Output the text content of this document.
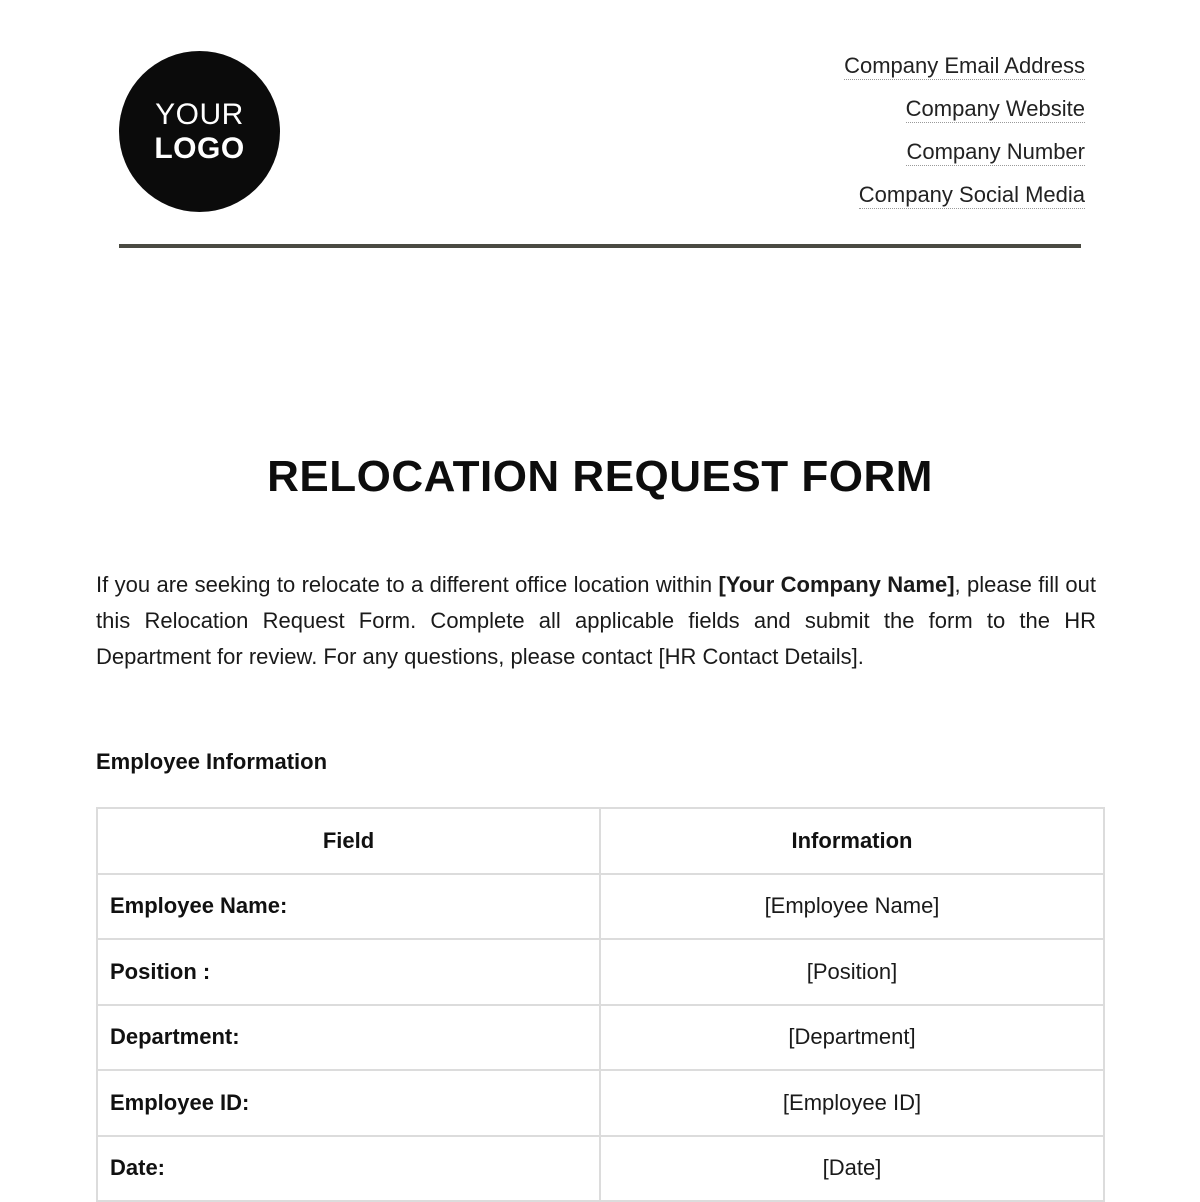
YOUR
LOGO
Company Email Address
Company Website
Company Number
Company Social Media
RELOCATION REQUEST FORM

If you are seeking to relocate to a different office location within [Your Company Name], please fill out this Relocation Request Form. Complete all applicable fields and submit the form to the HR Department for review. For any questions, please contact [HR Contact Details].

Employee Information
Field	Information
Employee Name:	[Employee Name]
Position :	[Position]
Department:	[Department]
Employee ID:	[Employee ID]
Date:	[Date]
